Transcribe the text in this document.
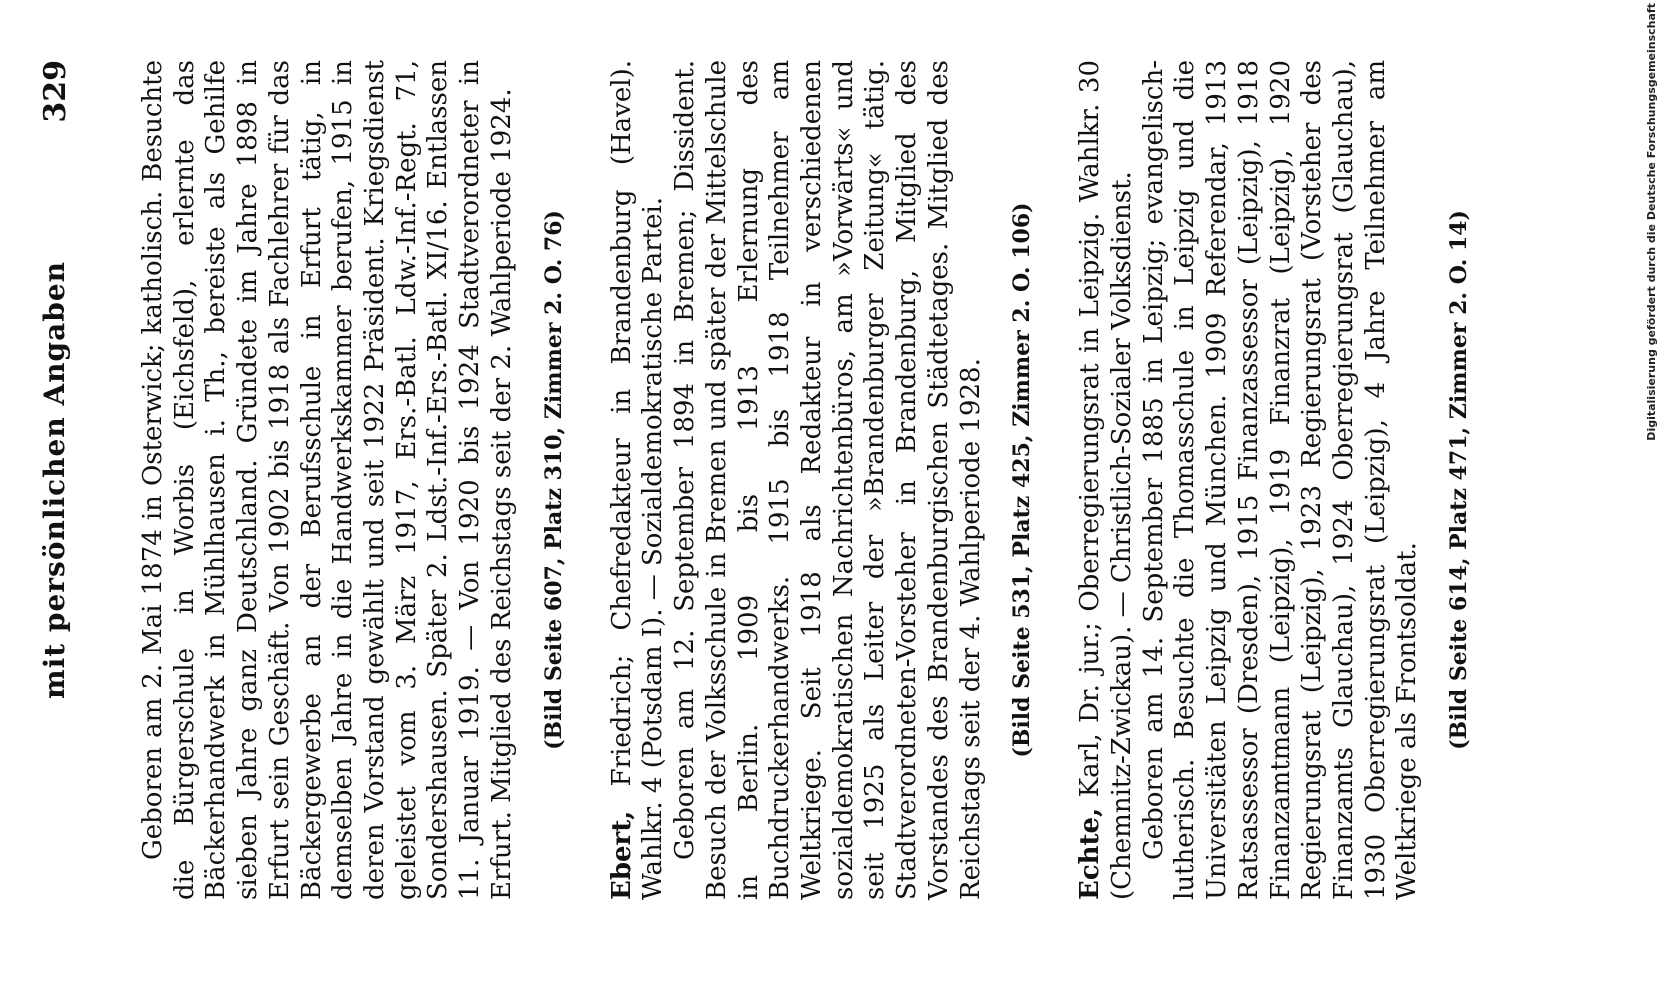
mit persönlichen Angaben
329	Geboren am 2. Mai 1874 in Osterwick; katholisch. Besuchte die Bürgerschule in Worbis (Eichsfeld), erlernte das Bäckerhandwerk in Mühlhausen i. Th., bereiste als Gehilfe sieben Jahre ganz Deutschland. Gründete im Jahre 1898 in Erfurt sein Geschäft. Von 1902 bis 1918 als Fachlehrer für das Bäckergewerbe an der Berufsschule in Erfurt tätig, in demselben Jahre in die Handwerkskammer berufen, 1915 in deren Vorstand gewählt und seit 1922 Präsident. Kriegsdienst geleistet vom 3. März 1917, Ers.-Batl. Ldw.-Inf.-Regt. 71, Sondershausen. Später 2. Ldst.-Inf.-Ers.-Batl. XI/16. Entlassen 11. Januar 1919. — Von 1920 bis 1924 Stadtverordneter in Erfurt. Mitglied des Reichstags seit der 2. Wahlperiode 1924. (Bild Seite 607, Platz 310, Zimmer 2. O. 76)

Ebert, Friedrich; Chefredakteur in Brandenburg (Havel). Wahlkr. 4 (Potsdam I). — Sozialdemokratische Partei. Geboren am 12. September 1894 in Bremen; Dissident. Besuch der Volksschule in Bremen und später der Mittelschule in Berlin. 1909 bis 1913 Erlernung des Buchdruckerhandwerks. 1915 bis 1918 Teilnehmer am Weltkriege. Seit 1918 als Redakteur in verschiedenen sozialdemokratischen Nachrichtenbüros, am »Vorwärts« und seit 1925 als Leiter der »Brandenburger Zeitung« tätig. Stadtverordneten-Vorsteher in Brandenburg, Mitglied des Vorstandes des Brandenburgischen Städtetages. Mitglied des Reichstags seit der 4. Wahlperiode 1928. (Bild Seite 531, Platz 425, Zimmer 2. O. 106)

Echte, Karl, Dr. jur.; Oberregierungsrat in Leipzig. Wahlkr. 30 (Chemnitz-Zwickau). — Christlich-Sozialer Volksdienst. Geboren am 14. September 1885 in Leipzig; evangelisch-lutherisch. Besuchte die Thomasschule in Leipzig und die Universitäten Leipzig und München. 1909 Referendar, 1913 Ratsassessor (Dresden), 1915 Finanzassessor (Leipzig), 1918 Finanzamtmann (Leipzig), 1919 Finanzrat (Leipzig), 1920 Regierungsrat (Leipzig), 1923 Regierungsrat (Vorsteher des Finanzamts Glauchau), 1924 Oberregierungsrat (Glauchau), 1930 Oberregierungsrat (Leipzig), 4 Jahre Teilnehmer am Weltkriege als Frontsoldat. (Bild Seite 614, Platz 471, Zimmer 2. O. 14)	Digitalisierung gefördert durch die Deutsche Forschungsgemeinschaft
